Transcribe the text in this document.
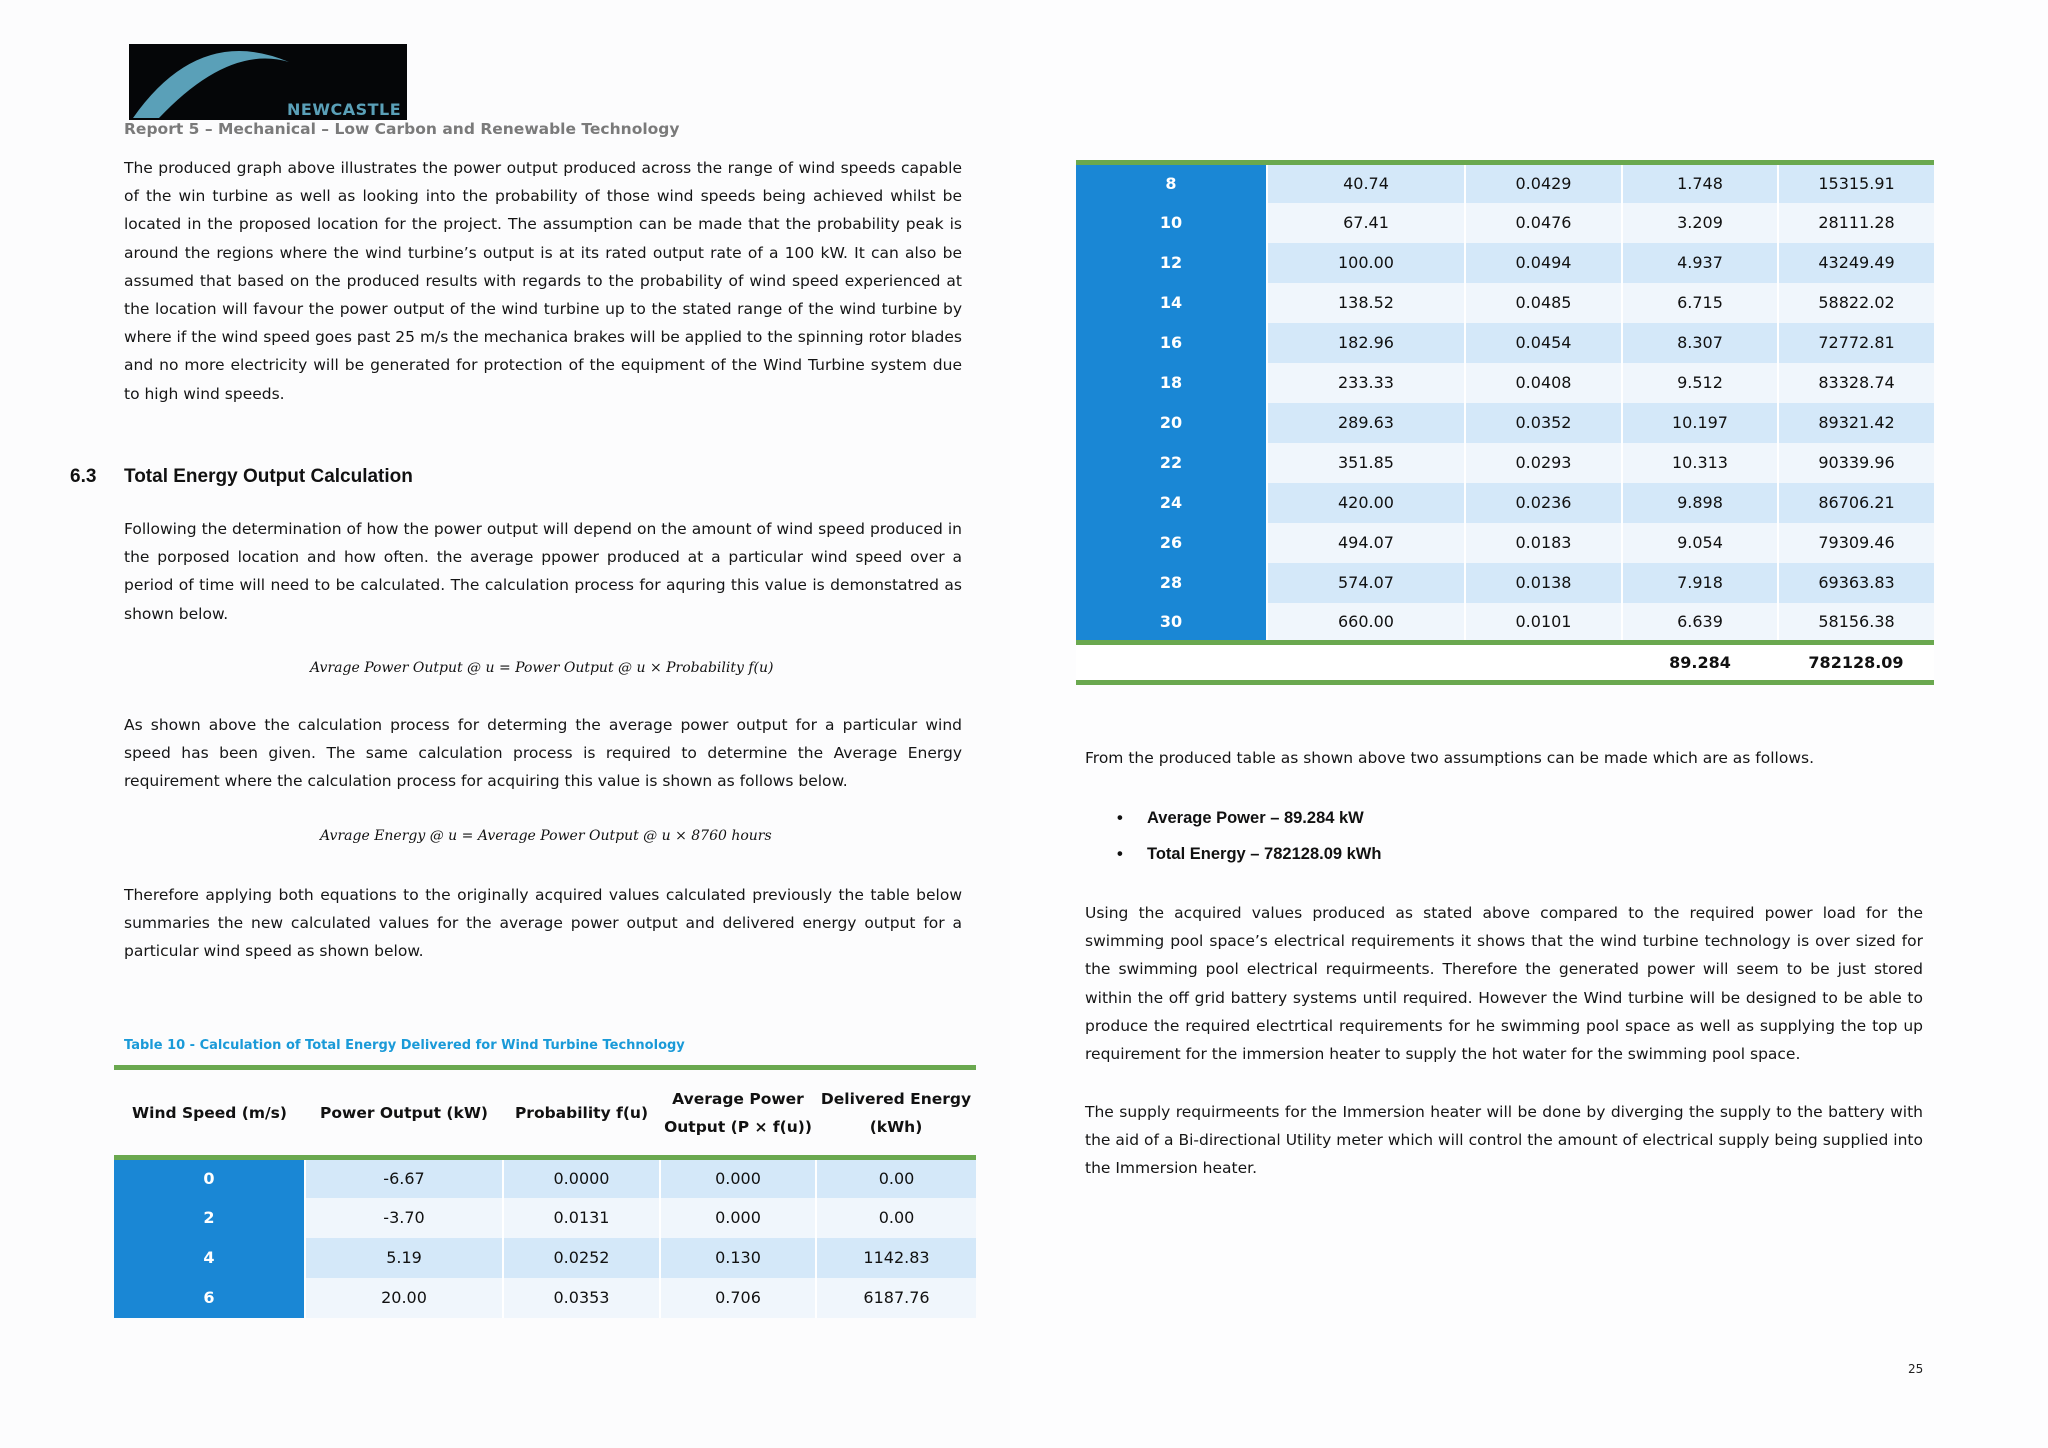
NEWCASTLE
Report 5 – Mechanical – Low Carbon and Renewable Technology

The produced graph above illustrates the power output produced across the range of wind speeds capable of the win turbine as well as looking into the probability of those wind speeds being achieved whilst be located in the proposed location for the project. The assumption can be made that the probability peak is around the regions where the wind turbine’s output is at its rated output rate of a 100 kW. It can also be assumed that based on the produced results with regards to the probability of wind speed experienced at the location will favour the power output of the wind turbine up to the stated range of the wind turbine by where if the wind speed goes past 25 m/s the mechanica brakes will be applied to the spinning rotor blades and no more electricity will be generated for protection of the equipment of the Wind Turbine system due to high wind speeds.

6.3 Total Energy Output Calculation

Following the determination of how the power output will depend on the amount of wind speed produced in the porposed location and how often. the average ppower produced at a particular wind speed over a period of time will need to be calculated. The calculation process for aquring this value is demonstatred as shown below.

Avrage Power Output @ u = Power Output @ u × Probability f(u)

As shown above the calculation process for determing the average power output for a particular wind speed has been given. The same calculation process is required to determine the Average Energy requirement where the calculation process for acquiring this value is shown as follows below.

Avrage Energy @ u = Average Power Output @ u × 8760 hours

Therefore applying both equations to the originally acquired values calculated previously the table below summaries the new calculated values for the average power output and delivered energy output for a particular wind speed as shown below.

Table 10 - Calculation of Total Energy Delivered for Wind Turbine Technology
Wind Speed (m/s)	Power Output (kW)	Probability f(u)	Average Power Output (P × f(u))	Delivered Energy (kWh)
0	-6.67	0.0000	0.000	0.00
2	-3.70	0.0131	0.000	0.00
4	5.19	0.0252	0.130	1142.83
6	20.00	0.0353	0.706	6187.76
8	40.74	0.0429	1.748	15315.91
10	67.41	0.0476	3.209	28111.28
12	100.00	0.0494	4.937	43249.49
14	138.52	0.0485	6.715	58822.02
16	182.96	0.0454	8.307	72772.81
18	233.33	0.0408	9.512	83328.74
20	289.63	0.0352	10.197	89321.42
22	351.85	0.0293	10.313	90339.96
24	420.00	0.0236	9.898	86706.21
26	494.07	0.0183	9.054	79309.46
28	574.07	0.0138	7.918	69363.83
30	660.00	0.0101	6.639	58156.38
			89.284	782128.09

From the produced table as shown above two assumptions can be made which are as follows.

• Average Power – 89.284 kW
• Total Energy – 782128.09 kWh

Using the acquired values produced as stated above compared to the required power load for the swimming pool space’s electrical requirements it shows that the wind turbine technology is over sized for the swimming pool electrical requirmeents. Therefore the generated power will seem to be just stored within the off grid battery systems until required. However the Wind turbine will be designed to be able to produce the required electrtical requirements for he swimming pool space as well as supplying the top up requirement for the immersion heater to supply the hot water for the swimming pool space.

The supply requirmeents for the Immersion heater will be done by diverging the supply to the battery with the aid of a Bi-directional Utility meter which will control the amount of electrical supply being supplied into the Immersion heater.

25
